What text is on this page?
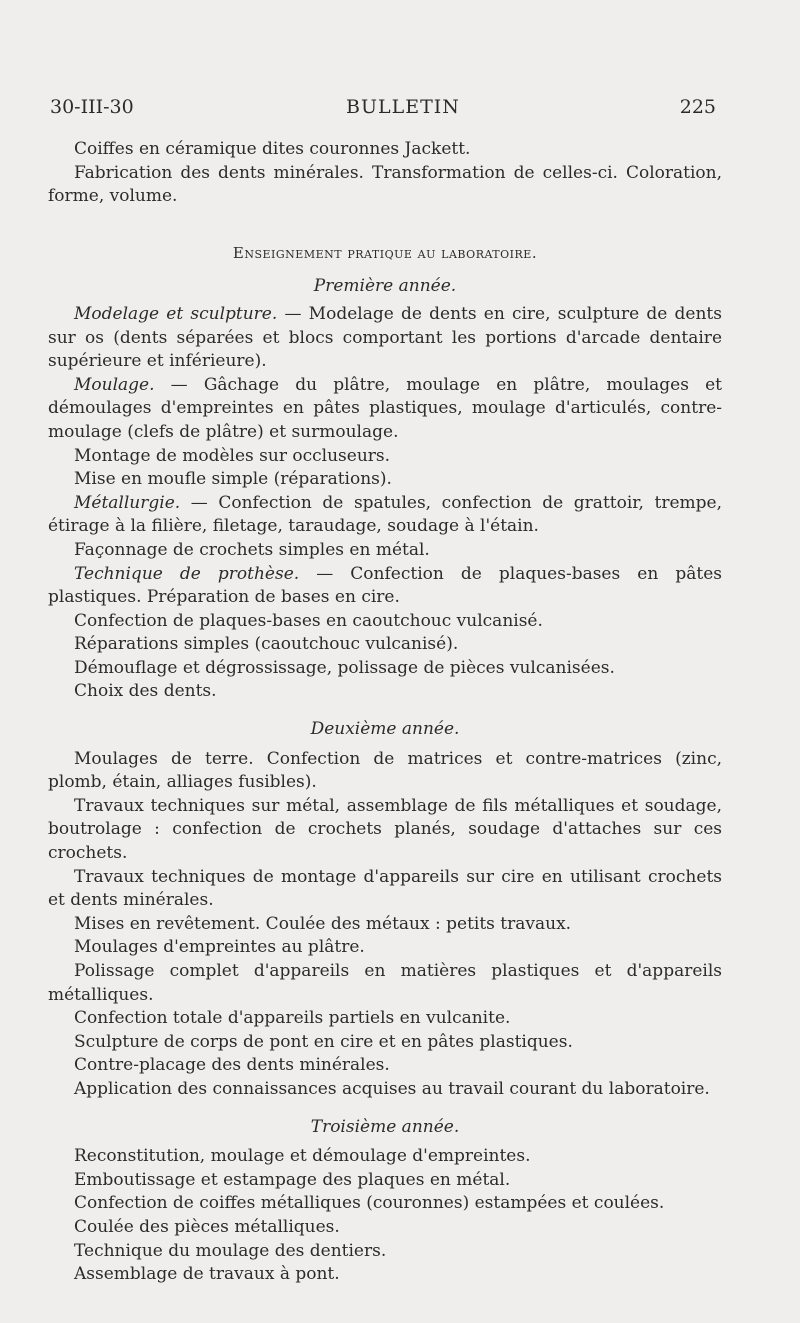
30-III-30	BULLETIN	225

Coiffes en céramique dites couronnes Jackett.

Fabrication des dents minérales. Transformation de celles-ci. Coloration, forme, volume.

Enseignement pratique au laboratoire.
Première année.

Modelage et sculpture. — Modelage de dents en cire, sculpture de dents sur os (dents séparées et blocs comportant les portions d'arcade dentaire supérieure et inférieure).

Moulage. — Gâchage du plâtre, moulage en plâtre, moulages et démoulages d'empreintes en pâtes plastiques, moulage d'articulés, contre-moulage (clefs de plâtre) et surmoulage.

Montage de modèles sur occluseurs.

Mise en moufle simple (réparations).

Métallurgie. — Confection de spatules, confection de grattoir, trempe, étirage à la filière, filetage, taraudage, soudage à l'étain.

Façonnage de crochets simples en métal.

Technique de prothèse. — Confection de plaques-bases en pâtes plastiques. Préparation de bases en cire.

Confection de plaques-bases en caoutchouc vulcanisé.

Réparations simples (caoutchouc vulcanisé).

Démouflage et dégrossissage, polissage de pièces vulcanisées.

Choix des dents.

Deuxième année.

Moulages de terre. Confection de matrices et contre-matrices (zinc, plomb, étain, alliages fusibles).

Travaux techniques sur métal, assemblage de fils métalliques et soudage, boutrolage : confection de crochets planés, soudage d'attaches sur ces crochets.

Travaux techniques de montage d'appareils sur cire en utilisant crochets et dents minérales.

Mises en revêtement. Coulée des métaux : petits travaux.

Moulages d'empreintes au plâtre.

Polissage complet d'appareils en matières plastiques et d'appareils métalliques.

Confection totale d'appareils partiels en vulcanite.

Sculpture de corps de pont en cire et en pâtes plastiques.

Contre-placage des dents minérales.

Application des connaissances acquises au travail courant du laboratoire.

Troisième année.

Reconstitution, moulage et démoulage d'empreintes.

Emboutissage et estampage des plaques en métal.

Confection de coiffes métalliques (couronnes) estampées et coulées.

Coulée des pièces métalliques.

Technique du moulage des dentiers.

Assemblage de travaux à pont.
